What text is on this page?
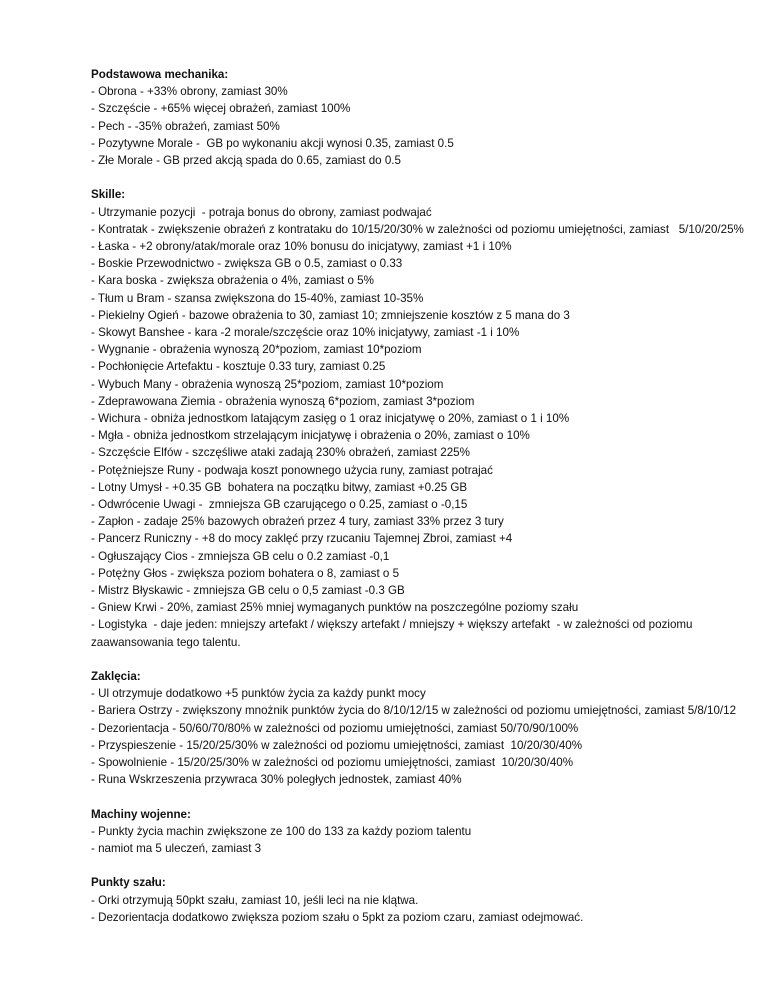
Podstawowa mechanika:
- Obrona - +33% obrony, zamiast 30%
- Szczęście - +65% więcej obrażeń, zamiast 100%
- Pech - -35% obrażeń, zamiast 50%
- Pozytywne Morale -  GB po wykonaniu akcji wynosi 0.35, zamiast 0.5
- Złe Morale - GB przed akcją spada do 0.65, zamiast do 0.5
Skille:
- Utrzymanie pozycji  - potraja bonus do obrony, zamiast podwajać
- Kontratak - zwiększenie obrażeń z kontrataku do 10/15/20/30% w zależności od poziomu umiejętności, zamiast   5/10/20/25%
- Łaska - +2 obrony/atak/morale oraz 10% bonusu do inicjatywy, zamiast +1 i 10%
- Boskie Przewodnictwo - zwiększa GB o 0.5, zamiast o 0.33
- Kara boska - zwiększa obrażenia o 4%, zamiast o 5%
- Tłum u Bram - szansa zwiększona do 15-40%, zamiast 10-35%
- Piekielny Ogień - bazowe obrażenia to 30, zamiast 10; zmniejszenie kosztów z 5 mana do 3
- Skowyt Banshee - kara -2 morale/szczęście oraz 10% inicjatywy, zamiast -1 i 10%
- Wygnanie - obrażenia wynoszą 20*poziom, zamiast 10*poziom
- Pochłonięcie Artefaktu - kosztuje 0.33 tury, zamiast 0.25
- Wybuch Many - obrażenia wynoszą 25*poziom, zamiast 10*poziom
- Zdeprawowana Ziemia - obrażenia wynoszą 6*poziom, zamiast 3*poziom
- Wichura - obniża jednostkom latającym zasięg o 1 oraz inicjatywę o 20%, zamiast o 1 i 10%
- Mgła - obniża jednostkom strzelającym inicjatywę i obrażenia o 20%, zamiast o 10%
- Szczęście Elfów - szczęśliwe ataki zadają 230% obrażeń, zamiast 225%
- Potężniejsze Runy - podwaja koszt ponownego użycia runy, zamiast potrajać
- Lotny Umysł - +0.35 GB  bohatera na początku bitwy, zamiast +0.25 GB
- Odwrócenie Uwagi -  zmniejsza GB czarującego o 0.25, zamiast o -0,15
- Zapłon - zadaje 25% bazowych obrażeń przez 4 tury, zamiast 33% przez 3 tury
- Pancerz Runiczny - +8 do mocy zaklęć przy rzucaniu Tajemnej Zbroi, zamiast +4
- Ogłuszający Cios - zmniejsza GB celu o 0.2 zamiast -0,1
- Potężny Głos - zwiększa poziom bohatera o 8, zamiast o 5
- Mistrz Błyskawic - zmniejsza GB celu o 0,5 zamiast -0.3 GB
- Gniew Krwi - 20%, zamiast 25% mniej wymaganych punktów na poszczególne poziomy szału
- Logistyka  - daje jeden: mniejszy artefakt / większy artefakt / mniejszy + większy artefakt  - w zależności od poziomu zaawansowania tego talentu.
Zaklęcia:
- Ul otrzymuje dodatkowo +5 punktów życia za każdy punkt mocy
- Bariera Ostrzy - zwiększony mnożnik punktów życia do 8/10/12/15 w zależności od poziomu umiejętności, zamiast 5/8/10/12
- Dezorientacja - 50/60/70/80% w zależności od poziomu umiejętności, zamiast 50/70/90/100%
- Przyspieszenie - 15/20/25/30% w zależności od poziomu umiejętności, zamiast  10/20/30/40%
- Spowolnienie - 15/20/25/30% w zależności od poziomu umiejętności, zamiast  10/20/30/40%
- Runa Wskrzeszenia przywraca 30% poległych jednostek, zamiast 40%
Machiny wojenne:
- Punkty życia machin zwiększone ze 100 do 133 za każdy poziom talentu
- namiot ma 5 uleczeń, zamiast 3
Punkty szału:
- Orki otrzymują 50pkt szału, zamiast 10, jeśli leci na nie klątwa.
- Dezorientacja dodatkowo zwiększa poziom szału o 5pkt za poziom czaru, zamiast odejmować.
